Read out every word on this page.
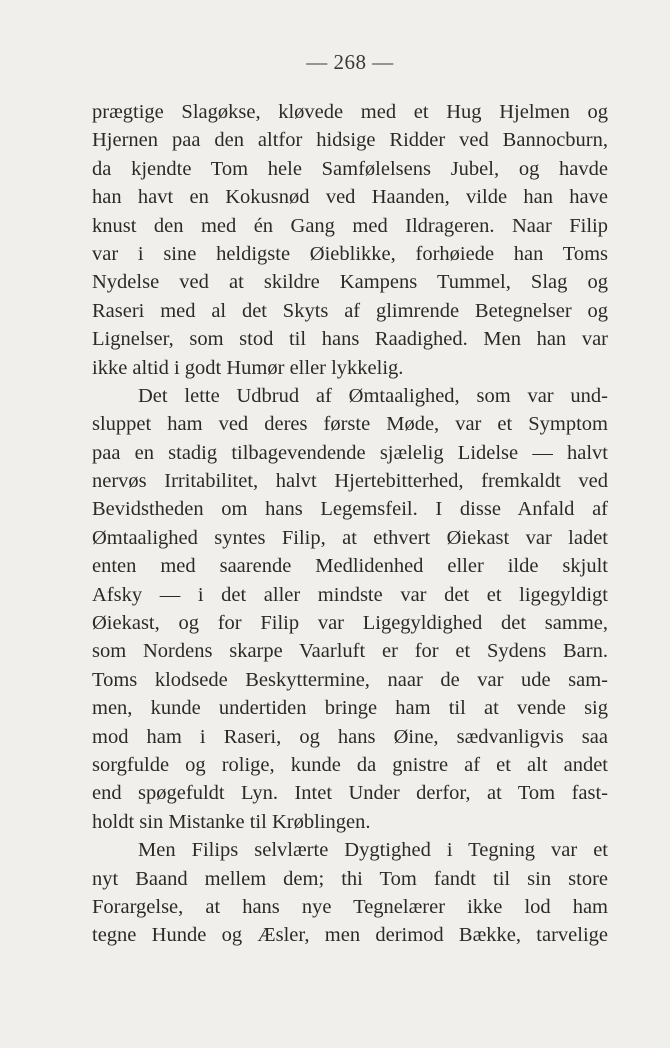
— 268 —
prægtige Slagøkse, kløvede med et Hug Hjelmen og
Hjernen paa den altfor hidsige Ridder ved Bannocburn,
da kjendte Tom hele Samfølelsens Jubel, og havde
han havt en Kokusnød ved Haanden, vilde han have
knust den med én Gang med Ildrageren. Naar Filip
var i sine heldigste Øieblikke, forhøiede han Toms
Nydelse ved at skildre Kampens Tummel, Slag og
Raseri med al det Skyts af glimrende Betegnelser og
Lignelser, som stod til hans Raadighed. Men han var
ikke altid i godt Humør eller lykkelig.
Det lette Udbrud af Ømtaalighed, som var und-
sluppet ham ved deres første Møde, var et Symptom
paa en stadig tilbagevendende sjælelig Lidelse — halvt
nervøs Irritabilitet, halvt Hjertebitterhed, fremkaldt ved
Bevidstheden om hans Legemsfeil. I disse Anfald af
Ømtaalighed syntes Filip, at ethvert Øiekast var ladet
enten med saarende Medlidenhed eller ilde skjult
Afsky — i det aller mindste var det et ligegyldigt
Øiekast, og for Filip var Ligegyldighed det samme,
som Nordens skarpe Vaarluft er for et Sydens Barn.
Toms klodsede Beskyttermine, naar de var ude sam-
men, kunde undertiden bringe ham til at vende sig
mod ham i Raseri, og hans Øine, sædvanligvis saa
sorgfulde og rolige, kunde da gnistre af et alt andet
end spøgefuldt Lyn. Intet Under derfor, at Tom fast-
holdt sin Mistanke til Krøblingen.
Men Filips selvlærte Dygtighed i Tegning var et
nyt Baand mellem dem; thi Tom fandt til sin store
Forargelse, at hans nye Tegnelærer ikke lod ham
tegne Hunde og Æsler, men derimod Bække, tarvelige
